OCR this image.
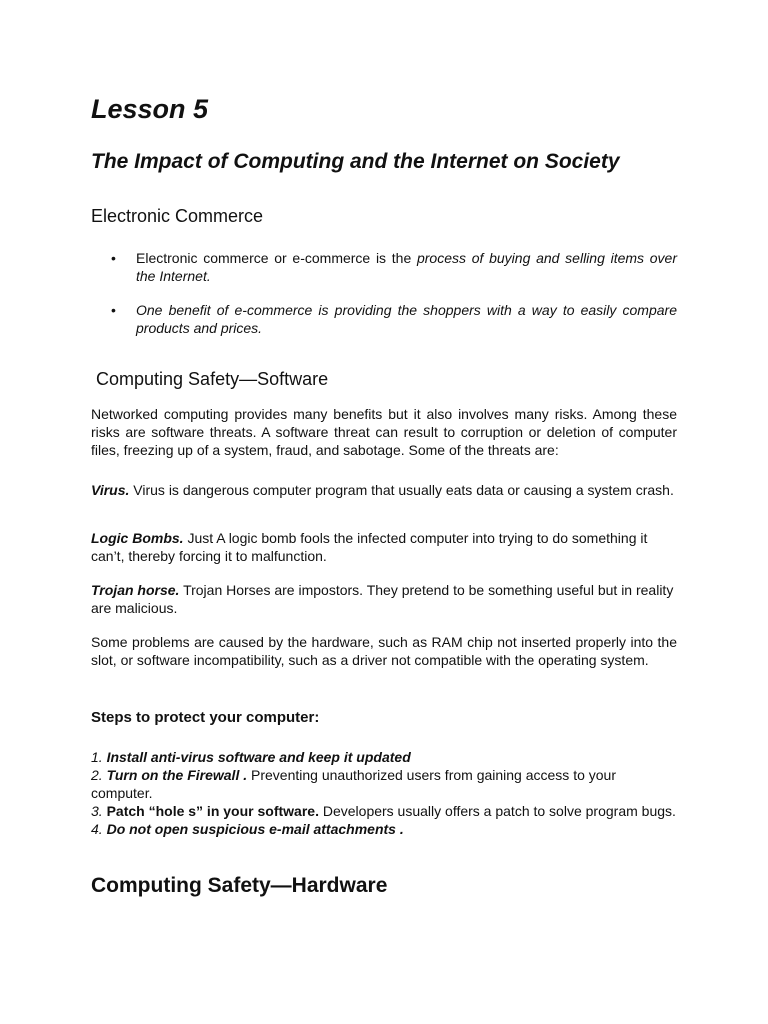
Lesson 5
The Impact of Computing and the Internet on Society
Electronic Commerce
• Electronic commerce or e-commerce is the process of buying and selling items over the Internet.
• One benefit of e-commerce is providing the shoppers with a way to easily compare products and prices.
Computing Safety—Software

Networked computing provides many benefits but it also involves many risks. Among these risks are software threats. A software threat can result to corruption or deletion of computer files, freezing up of a system, fraud, and sabotage. Some of the threats are:

Virus. Virus is dangerous computer program that usually eats data or causing a system crash.

Logic Bombs. Just A logic bomb fools the infected computer into trying to do something it can’t, thereby forcing it to malfunction.

Trojan horse. Trojan Horses are impostors. They pretend to be something useful but in reality are malicious.

Some problems are caused by the hardware, such as RAM chip not inserted properly into the slot, or software incompatibility, such as a driver not compatible with the operating system.

Steps to protect your computer:
1. Install anti-virus software and keep it updated
2. Turn on the Firewall . Preventing unauthorized users from gaining access to your computer.
3. Patch “hole s” in your software. Developers usually offers a patch to solve program bugs.
4. Do not open suspicious e-mail attachments .
Computing Safety—Hardware
